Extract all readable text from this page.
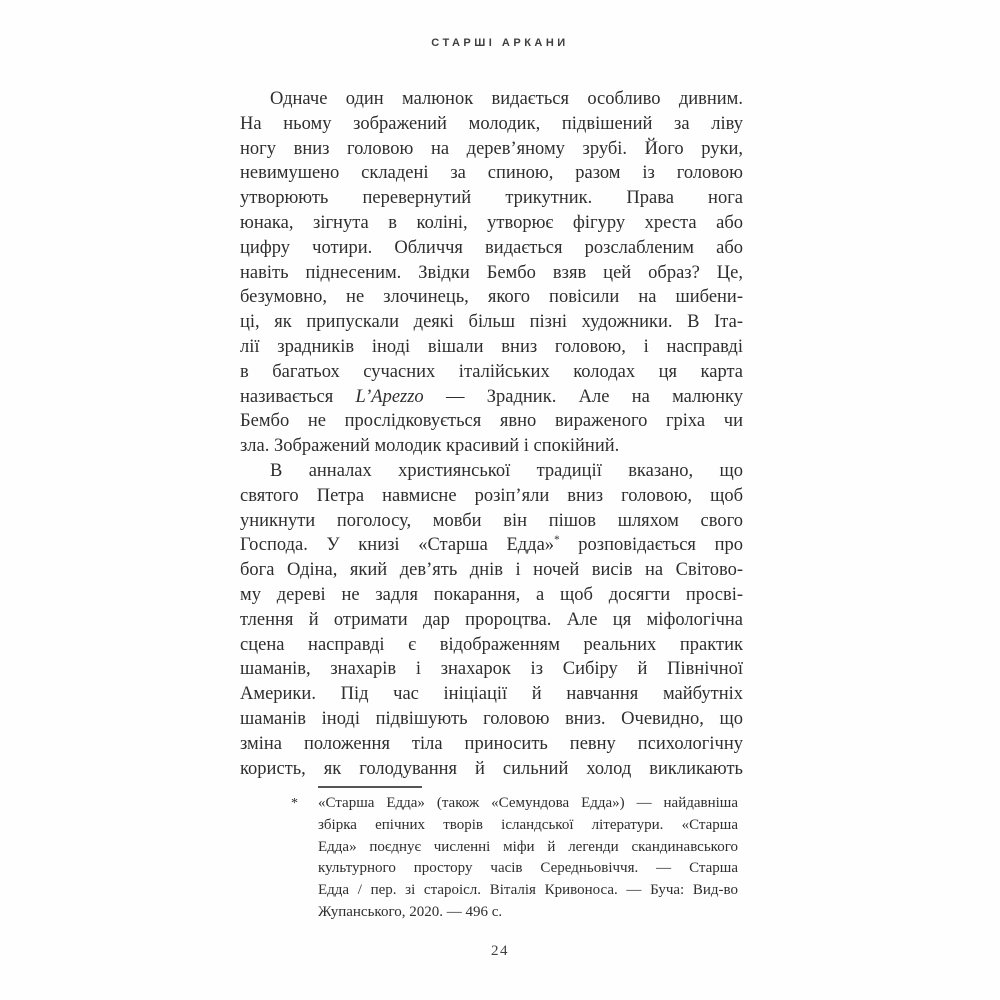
СТАРШІ АРКАНИ
Одначе один малюнок видається особливо дивним.
На ньому зображений молодик, підвішений за ліву
ногу вниз головою на дерев’яному зрубі. Його руки,
невимушено складені за спиною, разом із головою
утворюють перевернутий трикутник. Права нога
юнака, зігнута в коліні, утворює фігуру хреста або
цифру чотири. Обличчя видається розслабленим або
навіть піднесеним. Звідки Бембо взяв цей образ? Це,
безумовно, не злочинець, якого повісили на шибени-
ці, як припускали деякі більш пізні художники. В Іта-
лії зрадників іноді вішали вниз головою, і насправді
в багатьох сучасних італійських колодах ця карта
називається L’Apezzo — Зрадник. Але на малюнку
Бембо не прослідковується явно вираженого гріха чи
зла. Зображений молодик красивий і спокійний.
В анналах християнської традиції вказано, що
святого Петра навмисне розіп’яли вниз головою, щоб
уникнути поголосу, мовби він пішов шляхом свого
Господа. У книзі «Старша Едда»* розповідається про
бога Одіна, який дев’ять днів і ночей висів на Світово-
му дереві не задля покарання, а щоб досягти просві-
тлення й отримати дар пророцтва. Але ця міфологічна
сцена насправді є відображенням реальних практик
шаманів, знахарів і знахарок із Сибіру й Північної
Америки. Під час ініціації й навчання майбутніх
шаманів іноді підвішують головою вниз. Очевидно, що
зміна положення тіла приносить певну психологічну
користь, як голодування й сильний холод викликають
* «Старша Едда» (також «Семундова Едда») — найдавніша
збірка епічних творів ісландської літератури. «Старша
Едда» поєднує численні міфи й легенди скандинавського
культурного простору часів Середньовіччя. — Старша
Едда / пер. зі староісл. Віталія Кривоноса. — Буча: Вид-во
Жупанського, 2020. — 496 с.
24
